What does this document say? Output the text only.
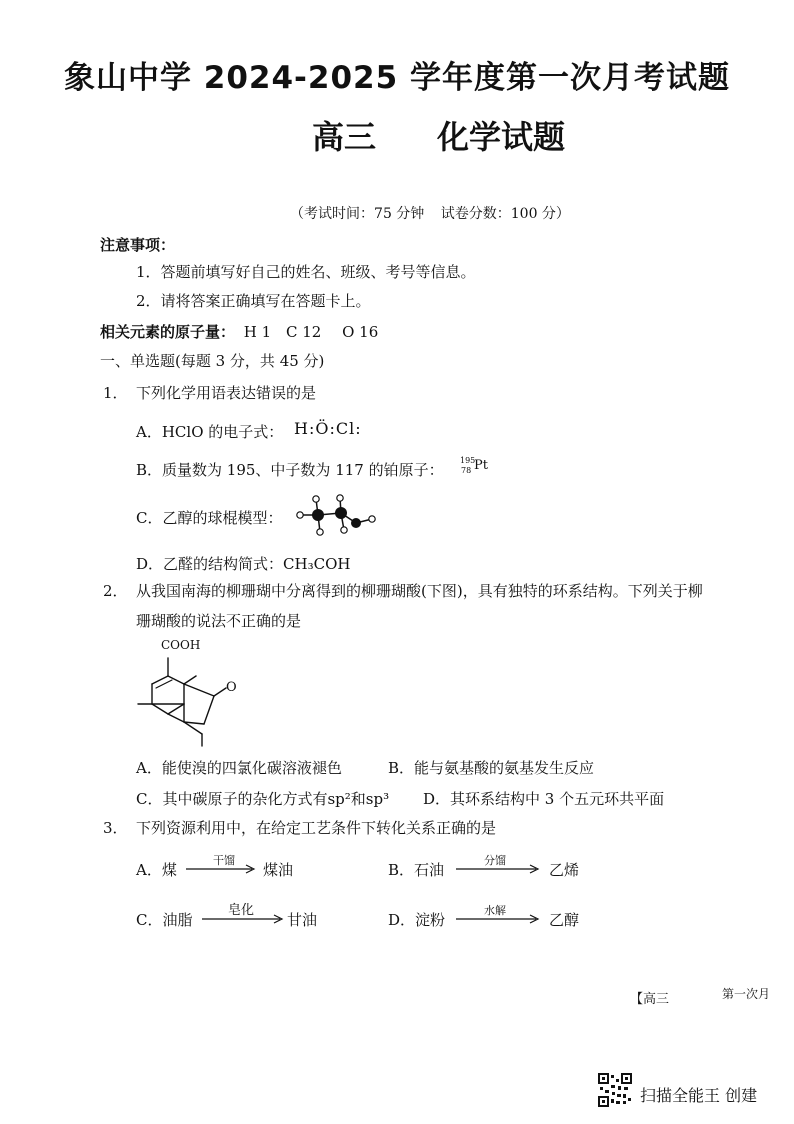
象山中学 2024-2025 学年度第一次月考试题
高三 化学试题
（考试时间：75 分钟 试卷分数：100 分）
注意事项：
1．答题前填写好自己的姓名、班级、考号等信息。
2．请将答案正确填写在答题卡上。
相关元素的原子量： H 1 C 12 O 16
一、单选题(每题 3 分，共 45 分)
1． 下列化学用语表达错误的是
A．HClO 的电子式： H:Ö:Cl:
B．质量数为 195、中子数为 117 的铂原子：
195
78 Pt
C．乙醇的球棍模型：
D．乙醛的结构简式：CH₃COH
2． 从我国南海的柳珊瑚中分离得到的柳珊瑚酸(下图)，具有独特的环系结构。下列关于柳
珊瑚酸的说法不正确的是
COOH
O
A．能使溴的四氯化碳溶液褪色	B．能与氨基酸的氨基发生反应
C．其中碳原子的杂化方式有sp²和sp³ D．其环系结构中 3 个五元环共平面
3． 下列资源利用中，在给定工艺条件下转化关系正确的是
A．煤
干馏
煤油	B．石油
分馏
乙烯
C．油脂
皂化
甘油	D．淀粉
水解
乙醇
【高三	第一次月
扫描全能王 创建
